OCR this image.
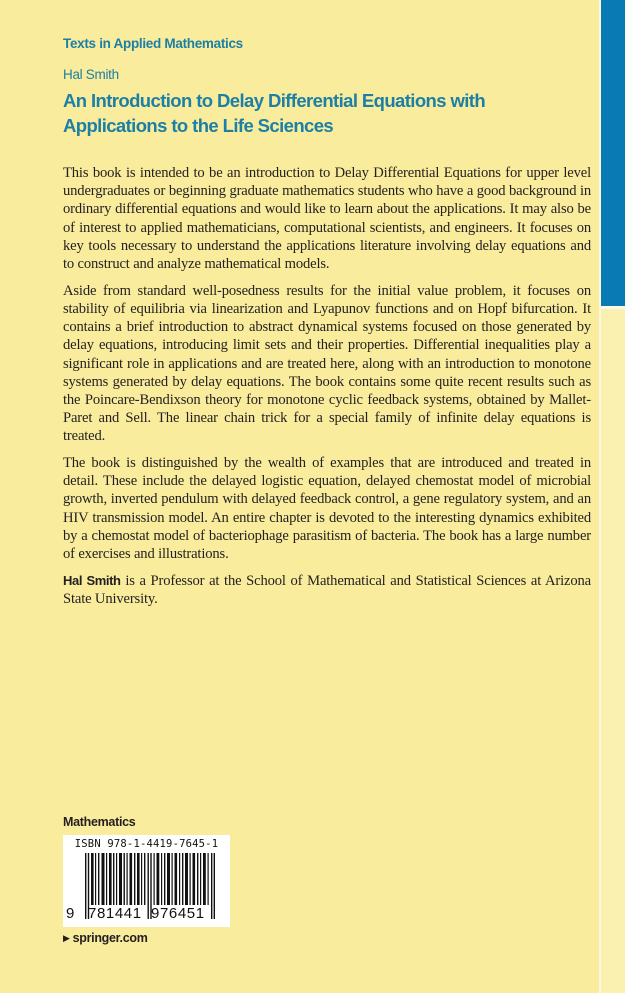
Texts in Applied Mathematics
Hal Smith
An Introduction to Delay Differential Equations with Applications to the Life Sciences

This book is intended to be an introduction to Delay Differential Equations for upper level undergraduates or beginning graduate mathematics students who have a good background in ordinary differential equations and would like to learn about the applications. It may also be of interest to applied mathematicians, computational scientists, and engineers. It focuses on key tools necessary to understand the applications literature involving delay equations and to construct and analyze mathematical models.

Aside from standard well-posedness results for the initial value problem, it focuses on stability of equilibria via linearization and Lyapunov functions and on Hopf bifurcation. It contains a brief introduction to abstract dynamical systems focused on those generated by delay equations, introducing limit sets and their properties. Differential inequalities play a significant role in applications and are treated here, along with an introduction to monotone systems generated by delay equations. The book contains some quite recent results such as the Poincare-Bendixson theory for monotone cyclic feedback systems, obtained by Mallet-Paret and Sell. The linear chain trick for a special family of infinite delay equations is treated.

The book is distinguished by the wealth of examples that are introduced and treated in detail. These include the delayed logistic equation, delayed chemostat model of microbial growth, inverted pendulum with delayed feedback control, a gene regulatory system, and an HIV transmission model. An entire chapter is devoted to the interesting dynamics exhibited by a chemostat model of bacteriophage parasitism of bacteria. The book has a large number of exercises and illustrations.

Hal Smith is a Professor at the School of Mathematical and Statistical Sciences at Arizona State University.

Mathematics
ISBN 978-1-4419-7645-1
9 781441 976451
▶ springer.com
